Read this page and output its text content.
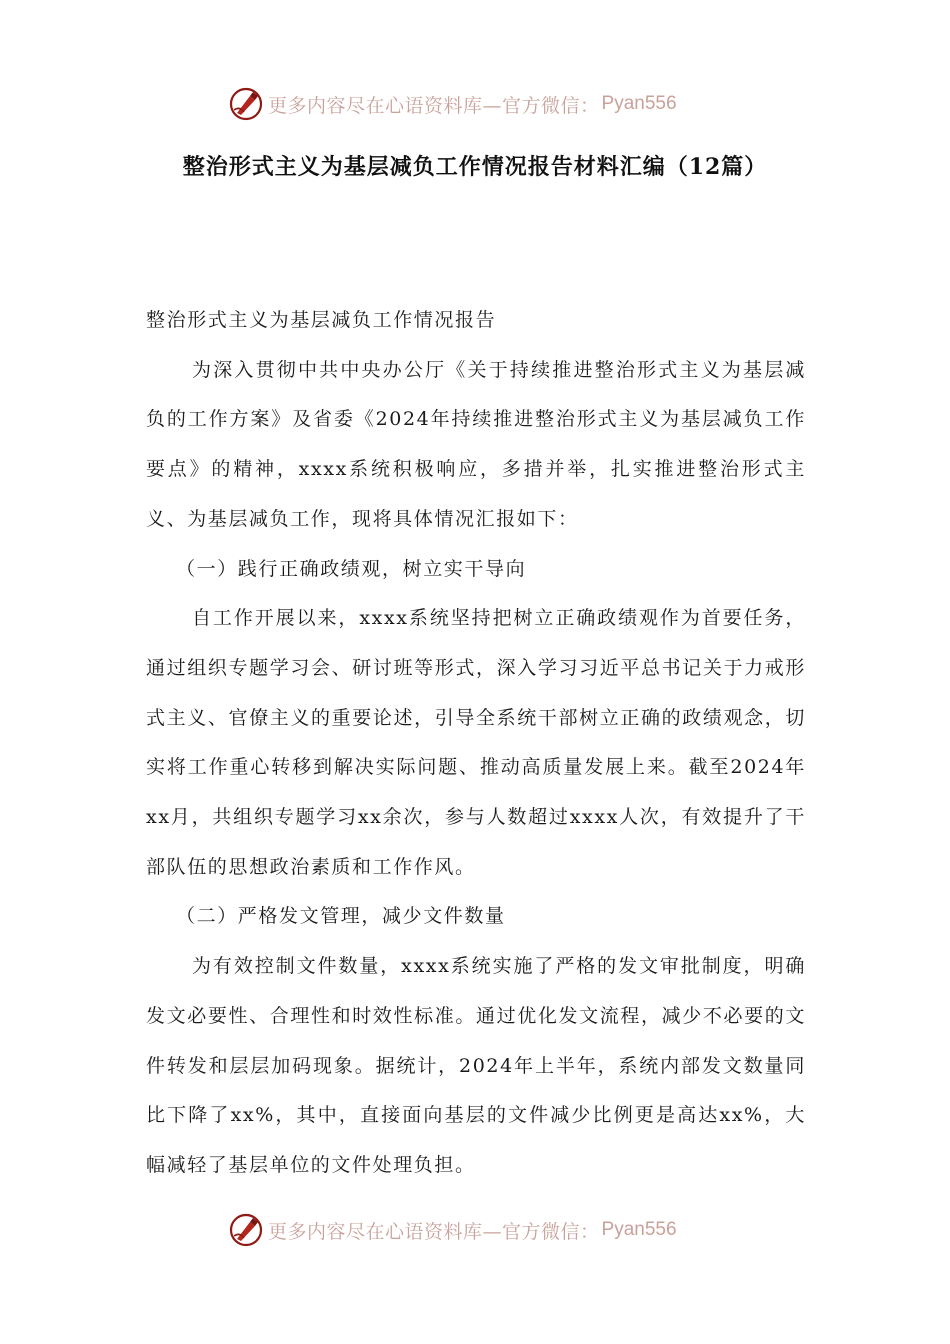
更多内容尽在心语资料库—官方微信： Pyan556
整治形式主义为基层减负工作情况报告材料汇编（12篇）

整治形式主义为基层减负工作情况报告

为深入贯彻中共中央办公厅《关于持续推进整治形式主义为基层减负的工作方案》及省委《2024年持续推进整治形式主义为基层减负工作要点》的精神，xxxx系统积极响应，多措并举，扎实推进整治形式主义、为基层减负工作，现将具体情况汇报如下：

（一）践行正确政绩观，树立实干导向

自工作开展以来，xxxx系统坚持把树立正确政绩观作为首要任务，通过组织专题学习会、研讨班等形式，深入学习习近平总书记关于力戒形式主义、官僚主义的重要论述，引导全系统干部树立正确的政绩观念，切实将工作重心转移到解决实际问题、推动高质量发展上来。截至2024年xx月，共组织专题学习xx余次，参与人数超过xxxx人次，有效提升了干部队伍的思想政治素质和工作作风。

（二）严格发文管理，减少文件数量

为有效控制文件数量，xxxx系统实施了严格的发文审批制度，明确发文必要性、合理性和时效性标准。通过优化发文流程，减少不必要的文件转发和层层加码现象。据统计，2024年上半年，系统内部发文数量同比下降了xx%，其中，直接面向基层的文件减少比例更是高达xx%，大幅减轻了基层单位的文件处理负担。

更多内容尽在心语资料库—官方微信： Pyan556
